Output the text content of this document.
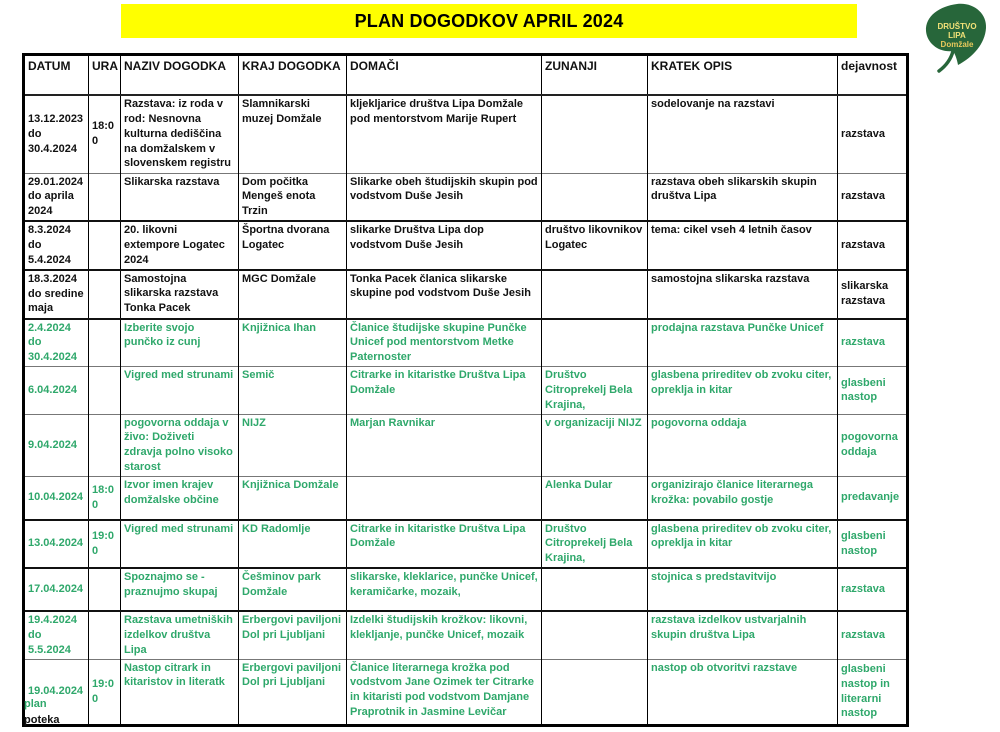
PLAN DOGODKOV APRIL 2024	DRUŠTVO
LIPA
Domžale
DATUM	URA	NAZIV DOGODKA	KRAJ DOGODKA	DOMAČI	ZUNANJI	KRATEK OPIS	dejavnost
13.12.2023 do 30.4.2024	18:00	Razstava: iz roda v rod: Nesnovna kulturna dediščina na domžalskem v slovenskem registru	Slamnikarski muzej Domžale	kljekljarice društva Lipa Domžale pod mentorstvom Marije Rupert		sodelovanje na razstavi	razstava
29.01.2024 do aprila 2024		Slikarska razstava	Dom počitka Mengeš enota Trzin	Slikarke obeh študijskih skupin pod vodstvom Duše Jesih		razstava obeh slikarskih skupin društva Lipa	razstava
8.3.2024 do 5.4.2024		20. likovni extempore Logatec 2024	Športna dvorana Logatec	slikarke Društva Lipa dop vodstvom Duše Jesih	društvo likovnikov Logatec	tema: cikel vseh 4 letnih časov	razstava
18.3.2024 do sredine maja		Samostojna slikarska razstava Tonka Pacek	MGC Domžale	Tonka Pacek članica slikarske skupine pod vodstvom Duše Jesih		samostojna slikarska razstava	slikarska razstava
2.4.2024 do 30.4.2024		Izberite svojo punčko iz cunj	Knjižnica Ihan	Članice študijske skupine Punčke Unicef pod mentorstvom Metke Paternoster		prodajna razstava Punčke Unicef	razstava
6.04.2024		Vigred med strunami	Semič	Citrarke in kitaristke Društva Lipa Domžale	Društvo Citroprekelj Bela Krajina,	glasbena prireditev ob zvoku citer, opreklja in kitar	glasbeni nastop
9.04.2024		pogovorna oddaja v živo: Doživeti zdravja polno visoko starost	NIJZ	Marjan Ravnikar	v organizaciji NIJZ	pogovorna oddaja	pogovorna oddaja
10.04.2024	18:00	Izvor imen krajev domžalske občine	Knjižnica Domžale		Alenka Dular	organizirajo članice literarnega krožka: povabilo gostje	predavanje
13.04.2024	19:00	Vigred med strunami	KD Radomlje	Citrarke in kitaristke Društva Lipa Domžale	Društvo Citroprekelj Bela Krajina,	glasbena prireditev ob zvoku citer, opreklja in kitar	glasbeni nastop
17.04.2024		Spoznajmo se - praznujmo skupaj	Češminov park Domžale	slikarske, kleklarice, punčke Unicef, keramičarke, mozaik,		stojnica s predstavitvijo	razstava
19.4.2024 do 5.5.2024		Razstava umetniških izdelkov društva Lipa	Erbergovi paviljoni Dol pri Ljubljani	Izdelki študijskih krožkov: likovni, klekljanje, punčke Unicef, mozaik		razstava izdelkov ustvarjalnih skupin društva Lipa	razstava
19.04.2024	19:00	Nastop citrark in kitaristov in literatk	Erbergovi paviljoni Dol pri Ljubljani	Članice literarnega krožka pod vodstvom Jane Ozimek ter Citrarke in kitaristi pod vodstvom Damjane Praprotnik in Jasmine Levičar		nastop ob otvoritvi razstave	glasbeni nastop in literarni nastop
plan
poteka
